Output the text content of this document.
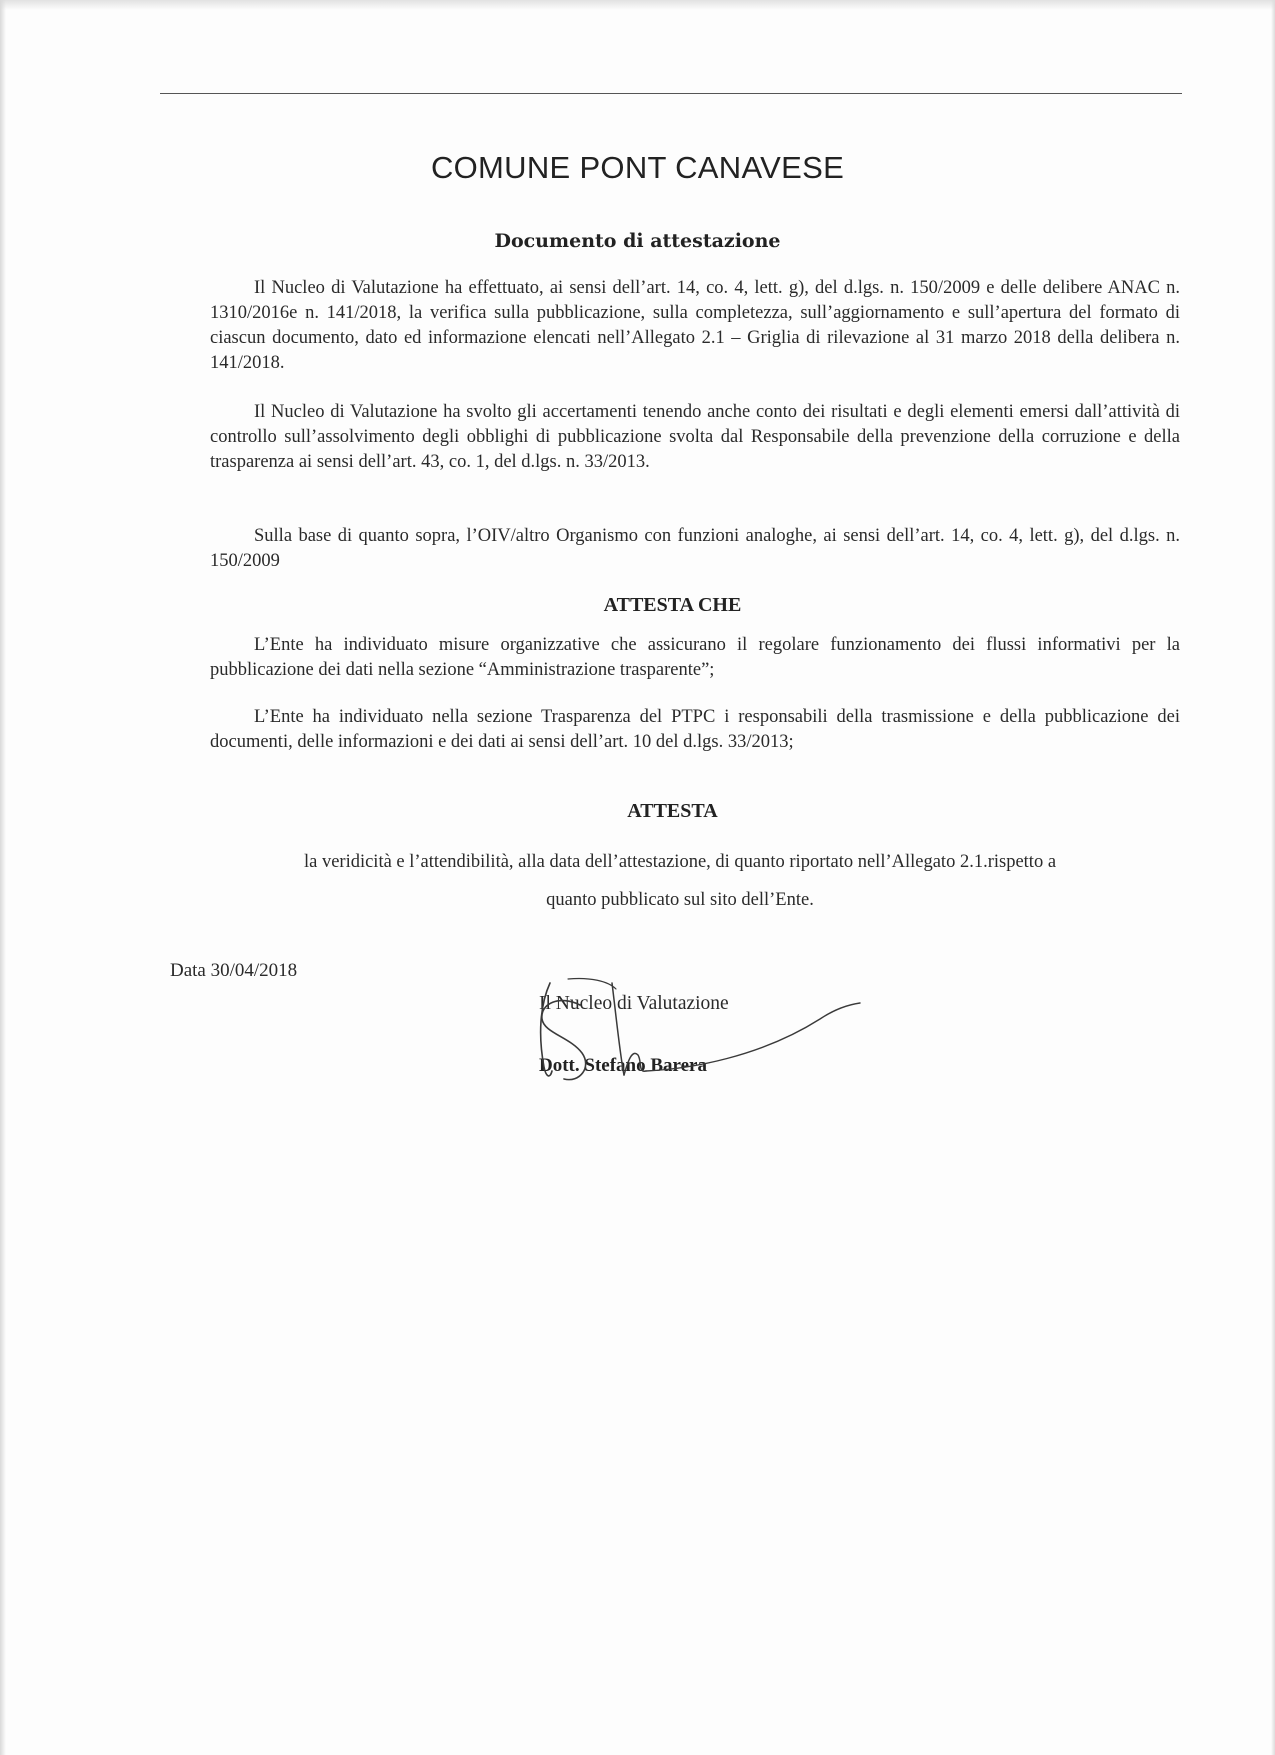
COMUNE PONT CANAVESE
Documento di attestazione
Il Nucleo di Valutazione ha effettuato, ai sensi dell’art. 14, co. 4, lett. g), del d.lgs. n. 150/2009 e delle delibere ANAC n. 1310/2016e n. 141/2018, la verifica sulla pubblicazione, sulla completezza, sull’aggiornamento e sull’apertura del formato di ciascun documento, dato ed informazione elencati nell’Allegato 2.1 – Griglia di rilevazione al 31 marzo 2018 della delibera n. 141/2018.
Il Nucleo di Valutazione ha svolto gli accertamenti tenendo anche conto dei risultati e degli elementi emersi dall’attività di controllo sull’assolvimento degli obblighi di pubblicazione svolta dal Responsabile della prevenzione della corruzione e della trasparenza ai sensi dell’art. 43, co. 1, del d.lgs. n. 33/2013.
Sulla base di quanto sopra, l’OIV/altro Organismo con funzioni analoghe, ai sensi dell’art. 14, co. 4, lett. g), del d.lgs. n. 150/2009
ATTESTA CHE
L’Ente ha individuato misure organizzative che assicurano il regolare funzionamento dei flussi informativi per la pubblicazione dei dati nella sezione “Amministrazione trasparente”;
L’Ente ha individuato nella sezione Trasparenza del PTPC i responsabili della trasmissione e della pubblicazione dei documenti, delle informazioni e dei dati ai sensi dell’art. 10 del d.lgs. 33/2013;
ATTESTA
la veridicità e l’attendibilità, alla data dell’attestazione, di quanto riportato nell’Allegato 2.1.rispetto a
quanto pubblicato sul sito dell’Ente.
Data 30/04/2018
Il Nucleo di Valutazione
Dott. Stefano Barera
